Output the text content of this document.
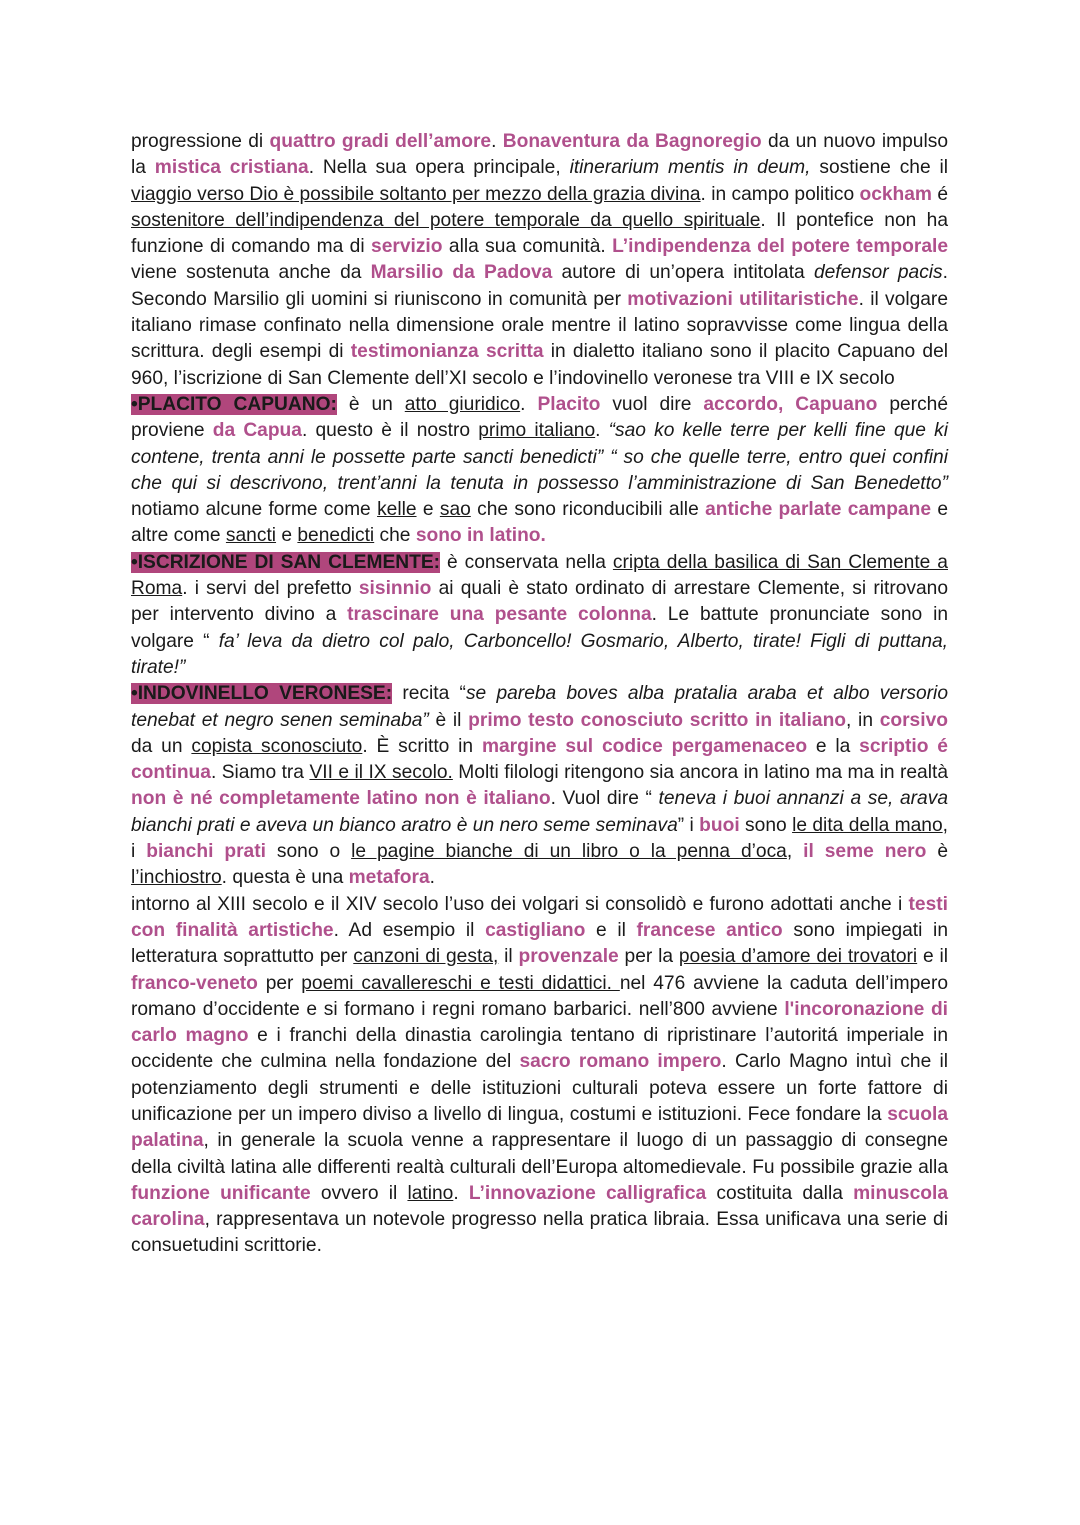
progressione di quattro gradi dell’amore. Bonaventura da Bagnoregio da un nuovo impulso la mistica cristiana. Nella sua opera principale, itinerarium mentis in deum, sostiene che il viaggio verso Dio è possibile soltanto per mezzo della grazia divina. in campo politico ockham é sostenitore dell’indipendenza del potere temporale da quello spirituale. Il pontefice non ha funzione di comando ma di servizio alla sua comunità. L’indipendenza del potere temporale viene sostenuta anche da Marsilio da Padova autore di un’opera intitolata defensor pacis. Secondo Marsilio gli uomini si riuniscono in comunità per motivazioni utilitaristiche. il volgare italiano rimase confinato nella dimensione orale mentre il latino sopravvisse come lingua della scrittura. degli esempi di testimonianza scritta in dialetto italiano sono il placito Capuano del 960, l’iscrizione di San Clemente dell’XI secolo e l’indovinello veronese tra VIII e IX secolo

•PLACITO CAPUANO: è un atto giuridico. Placito vuol dire accordo, Capuano perché proviene da Capua. questo è il nostro primo italiano. “sao ko kelle terre per kelli fine que ki contene, trenta anni le possette parte sancti benedicti” “ so che quelle terre, entro quei confini che qui si descrivono, trent’anni la tenuta in possesso l’amministrazione di San Benedetto” notiamo alcune forme come kelle e sao che sono riconducibili alle antiche parlate campane e altre come sancti e benedicti che sono in latino.

•ISCRIZIONE DI SAN CLEMENTE: è conservata nella cripta della basilica di San Clemente a Roma. i servi del prefetto sisinnio ai quali è stato ordinato di arrestare Clemente, si ritrovano per intervento divino a trascinare una pesante colonna. Le battute pronunciate sono in volgare “ fa’ leva da dietro col palo, Carboncello! Gosmario, Alberto, tirate! Figli di puttana, tirate!”

•INDOVINELLO VERONESE: recita “se pareba boves alba pratalia araba et albo versorio tenebat et negro senen seminaba” è il primo testo conosciuto scritto in italiano, in corsivo da un copista sconosciuto. È scritto in margine sul codice pergamenaceo e la scriptio é continua. Siamo tra VII e il IX secolo. Molti filologi ritengono sia ancora in latino ma ma in realtà non è né completamente latino non è italiano. Vuol dire “ teneva i buoi annanzi a se, arava bianchi prati e aveva un bianco aratro è un nero seme seminava” i buoi sono le dita della mano, i bianchi prati sono o le pagine bianche di un libro o la penna d’oca, il seme nero è l’inchiostro. questa è una metafora.

intorno al XIII secolo e il XIV secolo l’uso dei volgari si consolidò e furono adottati anche i testi con finalità artistiche. Ad esempio il castigliano e il francese antico sono impiegati in letteratura soprattutto per canzoni di gesta, il provenzale per la poesia d’amore dei trovatori e il franco-veneto per poemi cavallereschi e testi didattici. nel 476 avviene la caduta dell’impero romano d’occidente e si formano i regni romano barbarici. nell’800 avviene l'incoronazione di carlo magno e i franchi della dinastia carolingia tentano di ripristinare l’autoritá imperiale in occidente che culmina nella fondazione del sacro romano impero. Carlo Magno intuì che il potenziamento degli strumenti e delle istituzioni culturali poteva essere un forte fattore di unificazione per un impero diviso a livello di lingua, costumi e istituzioni. Fece fondare la scuola palatina, in generale la scuola venne a rappresentare il luogo di un passaggio di consegne della civiltà latina alle differenti realtà culturali dell’Europa altomedievale. Fu possibile grazie alla funzione unificante ovvero il latino. L’innovazione calligrafica costituita dalla minuscola carolina, rappresentava un notevole progresso nella pratica libraia. Essa unificava una serie di consuetudini scrittorie.
